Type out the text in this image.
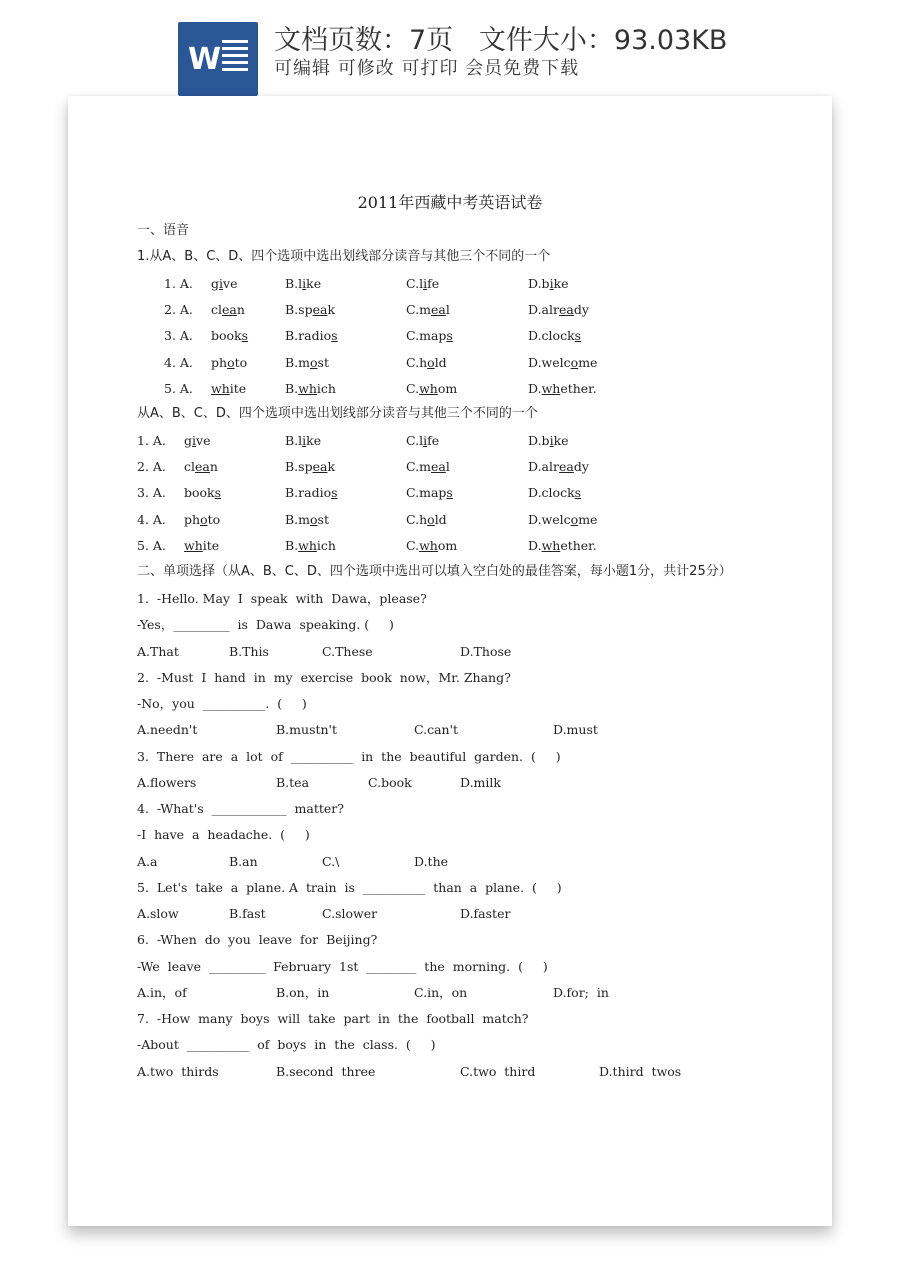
W
文档页数：7页   文件大小：93.03KB
可编辑 可修改 可打印 会员免费下载
2011年西藏中考英语试卷
一、语音
1.从A、B、C、D、四个选项中选出划线部分读音与其他三个不同的一个
从A、B、C、D、四个选项中选出划线部分读音与其他三个不同的一个
二、单项选择（从A、B、C、D、四个选项中选出可以填入空白处的最佳答案，每小题1分，共计25分）
1. A. give	B.like	C.life	D.bike
2. A. clean	B.speak	C.meal	D.already
3. A. books	B.radios	C.maps	D.clocks
4. A. photo	B.most	C.hold	D.welcome
5. A. white	B.which	C.whom	D.whether.
1. A. give	B.like	C.life	D.bike
2. A. clean	B.speak	C.meal	D.already
3. A. books	B.radios	C.maps	D.clocks
4. A. photo	B.most	C.hold	D.welcome
5. A. white	B.which	C.whom	D.whether.
1.  -Hello. May  I  speak  with  Dawa，please?
-Yes，_________  is  Dawa  speaking. (     )
A.That	B.This	C.These	D.Those
2.  -Must  I  hand  in  my  exercise  book  now，Mr. Zhang?
-No，you  __________.  (     )
A.needn't	B.mustn't	C.can't	D.must
3.  There  are  a  lot  of  __________  in  the  beautiful  garden.  (     )
A.flowers	B.tea	C.book	D.milk
4.  -What's  ____________  matter?
-I  have  a  headache.  (     )
A.a	B.an	C.\	D.the
5.  Let's  take  a  plane. A  train  is  __________  than  a  plane.  (     )
A.slow	B.fast	C.slower	D.faster
6.  -When  do  you  leave  for  Beijing?
-We  leave  _________  February  1st  ________  the  morning.  (     )
A.in，of	B.on，in	C.in，on	D.for;  in
7.  -How  many  boys  will  take  part  in  the  football  match?
-About  __________  of  boys  in  the  class.  (     )
A.two  thirds	B.second  three	C.two  third	D.third  twos
